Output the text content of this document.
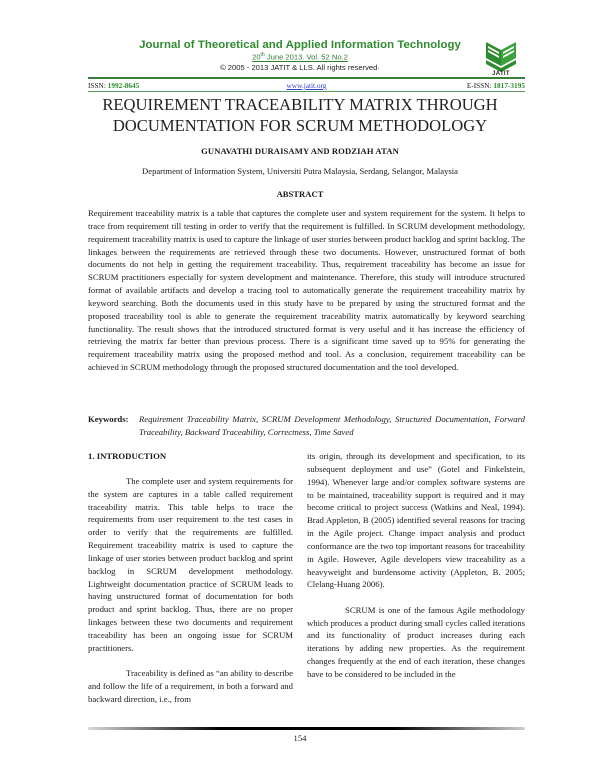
Journal of Theoretical and Applied Information Technology
20th June 2013. Vol. 52 No.2
© 2005 - 2013 JATIT & LLS. All rights reserved·
JATIT
ISSN: 1992-8645	www.jatit.org	E-ISSN: 1817-3195
REQUIREMENT TRACEABILITY MATRIX THROUGH
DOCUMENTATION FOR SCRUM METHODOLOGY
GUNAVATHI DURAISAMY AND RODZIAH ATAN
Department of Information System, Universiti Putra Malaysia, Serdang, Selangor, Malaysia
ABSTRACT

Requirement traceability matrix is a table that captures the complete user and system requirement for the system. It helps to trace from requirement till testing in order to verify that the requirement is fulfilled. In SCRUM development methodology, requirement traceability matrix is used to capture the linkage of user stories between product backlog and sprint backlog. The linkages between the requirements are retrieved through these two documents. However, unstructured format of both documents do not help in getting the requirement traceability. Thus, requirement traceability has become an issue for SCRUM practitioners especially for system development and maintenance. Therefore, this study will introduce structured format of available artifacts and develop a tracing tool to automatically generate the requirement traceability matrix by keyword searching. Both the documents used in this study have to be prepared by using the structured format and the proposed traceability tool is able to generate the requirement traceability matrix automatically by keyword searching functionality. The result shows that the introduced structured format is very useful and it has increase the efficiency of retrieving the matrix far better than previous process. There is a significant time saved up to 95% for generating the requirement traceability matrix using the proposed method and tool. As a conclusion, requirement traceability can be achieved in SCRUM methodology through the proposed structured documentation and the tool developed.

Keywords: Requirement Traceability Matrix, SCRUM Development Methodology, Structured Documentation, Forward Traceability, Backward Traceability, Correctness, Time Saved
1. INTRODUCTION

The complete user and system requirements for the system are captures in a table called requirement traceability matrix. This table helps to trace the requirements from user requirement to the test cases in order to verify that the requirements are fulfilled. Requirement traceability matrix is used to capture the linkage of user stories between product backlog and sprint backlog in SCRUM development methodology. Lightweight documentation practice of SCRUM leads to having unstructured format of documentation for both product and sprint backlog. Thus, there are no proper linkages between these two documents and requirement traceability has been an ongoing issue for SCRUM practitioners.

Traceability is defined as “an ability to describe and follow the life of a requirement, in both a forward and backward direction, i.e., from

its origin, through its development and specification, to its subsequent deployment and use” (Gotel and Finkelstein, 1994). Whenever large and/or complex software systems are to be maintained, traceability support is required and it may become critical to project success (Watkins and Neal, 1994). Brad Appleton, B (2005) identified several reasons for tracing in the Agile project. Change impact analysis and product conformance are the two top important reasons for traceability in Agile. However, Agile developers view traceability as a heavyweight and burdensome activity (Appleton, B. 2005; Clelang-Huang 2006).

SCRUM is one of the famous Agile methodology which produces a product during small cycles called iterations and its functionality of product increases during each iterations by adding new properties. As the requirement changes frequently at the end of each iteration, these changes have to be considered to be included in the

154
